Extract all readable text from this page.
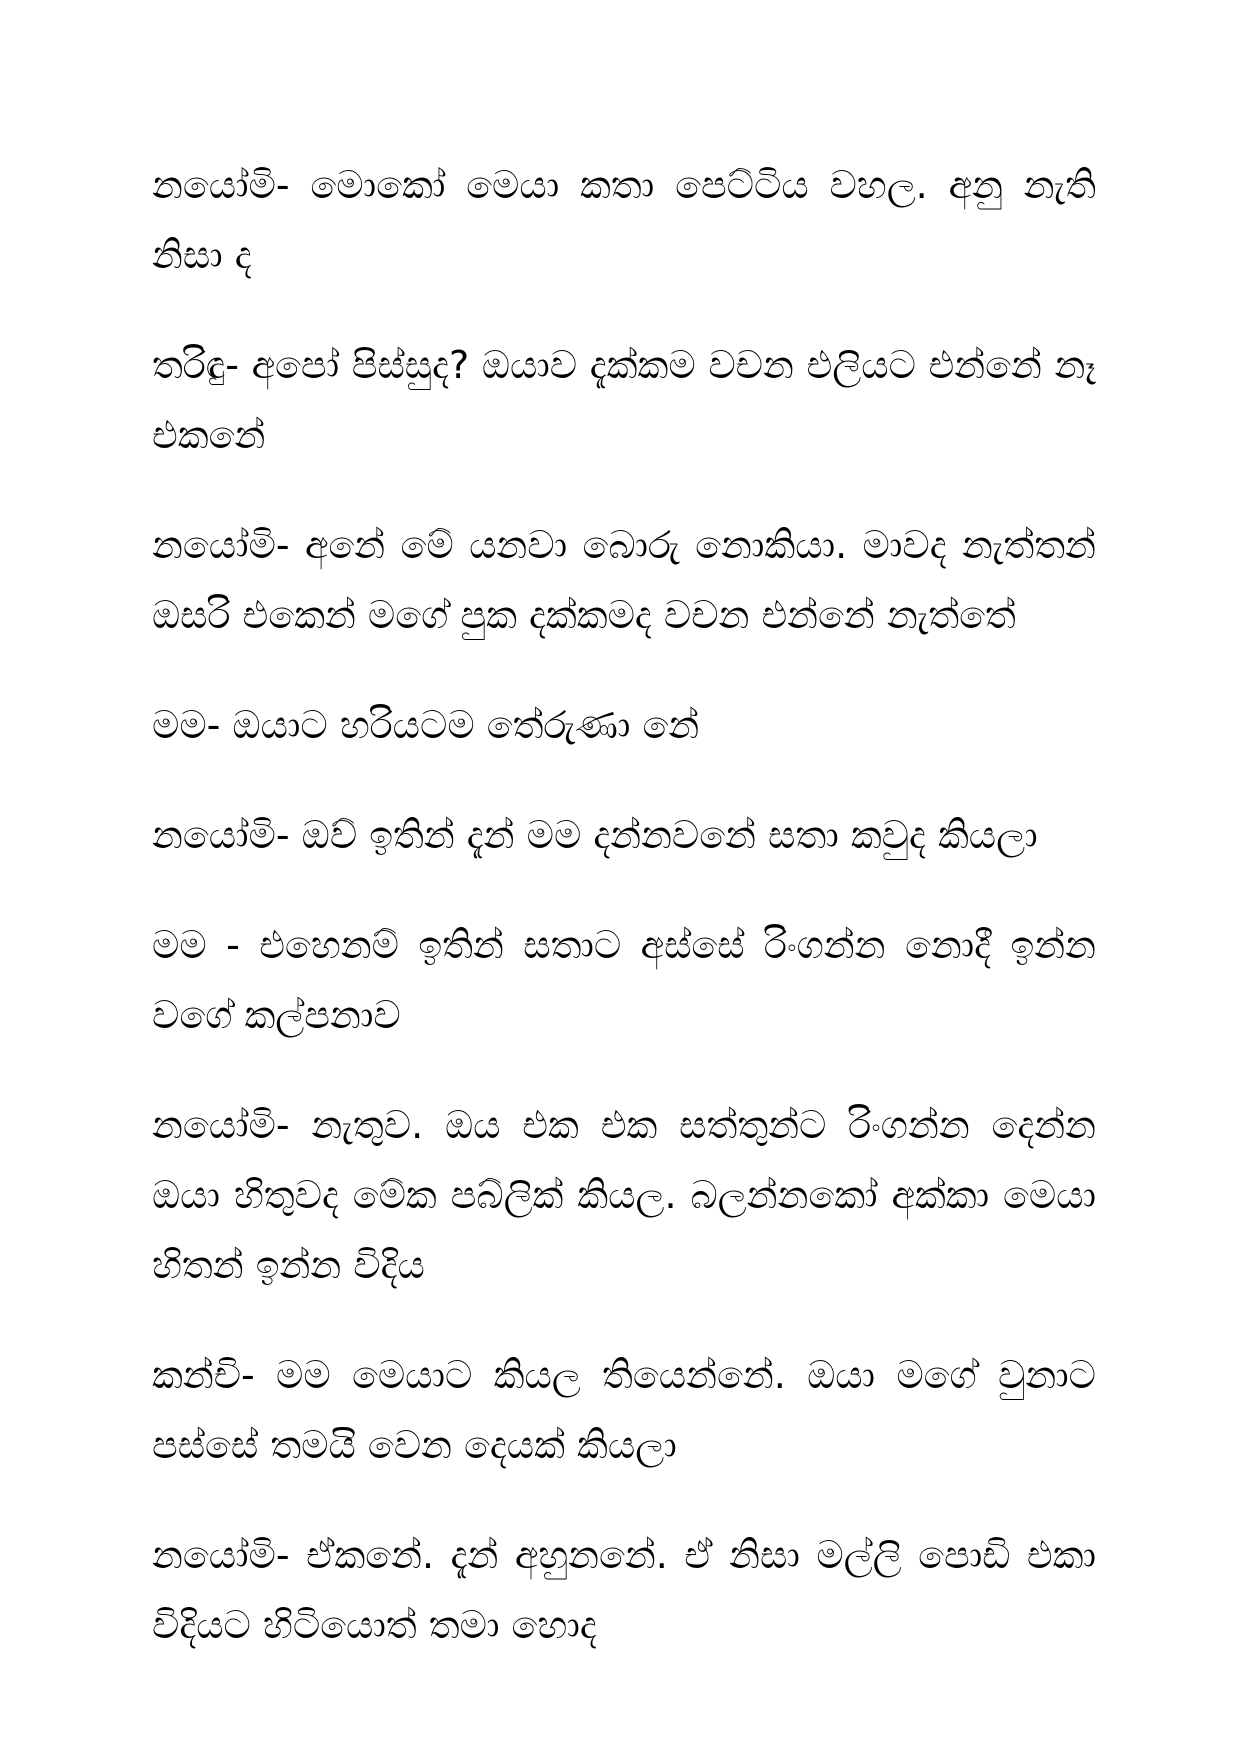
නයෝමි- මොකෝ මෙයා කතා පෙට්ටිය වහල. අනු නැති නිසා ද

තරිඳු- අපෝ පිස්සුද? ඔයාව දැක්කම වචන එලියට එන්නේ නෑ එකනේ

නයෝමි- අනේ මේ යනවා බොරු නොකියා. මාවද නැත්තන් ඔසරි එකෙන් මගේ පුක දක්කමද වචන එන්නේ නැත්තේ

මම- ඔයාට හරියටම තේරුණා නේ

නයෝමි- ඔව් ඉතින් දැන් මම දන්නවනේ සතා කවුද කියලා

මම - එහෙනම් ඉතින් සතාට අස්සේ රිංගන්න නොදී ඉන්න වගේ කල්පනාව

නයෝමි- නැතුව. ඔය එක එක සත්තුන්ට රිංගන්න දෙන්න ඔයා හිතුවද මේක පබ්ලික් කියල. බලන්නකෝ අක්කා මෙයා හිතන් ඉන්න විදිය

කන්චි- මම මෙයාට කියල තියෙන්නේ. ඔයා මගේ වුනාට පස්සේ තමයි වෙන දෙයක් කියලා

නයෝමි- ඒකනේ. දැන් අහුනනේ. ඒ නිසා මල්ලි පොඩි එකා විදියට හිටියොත් තමා හොද
